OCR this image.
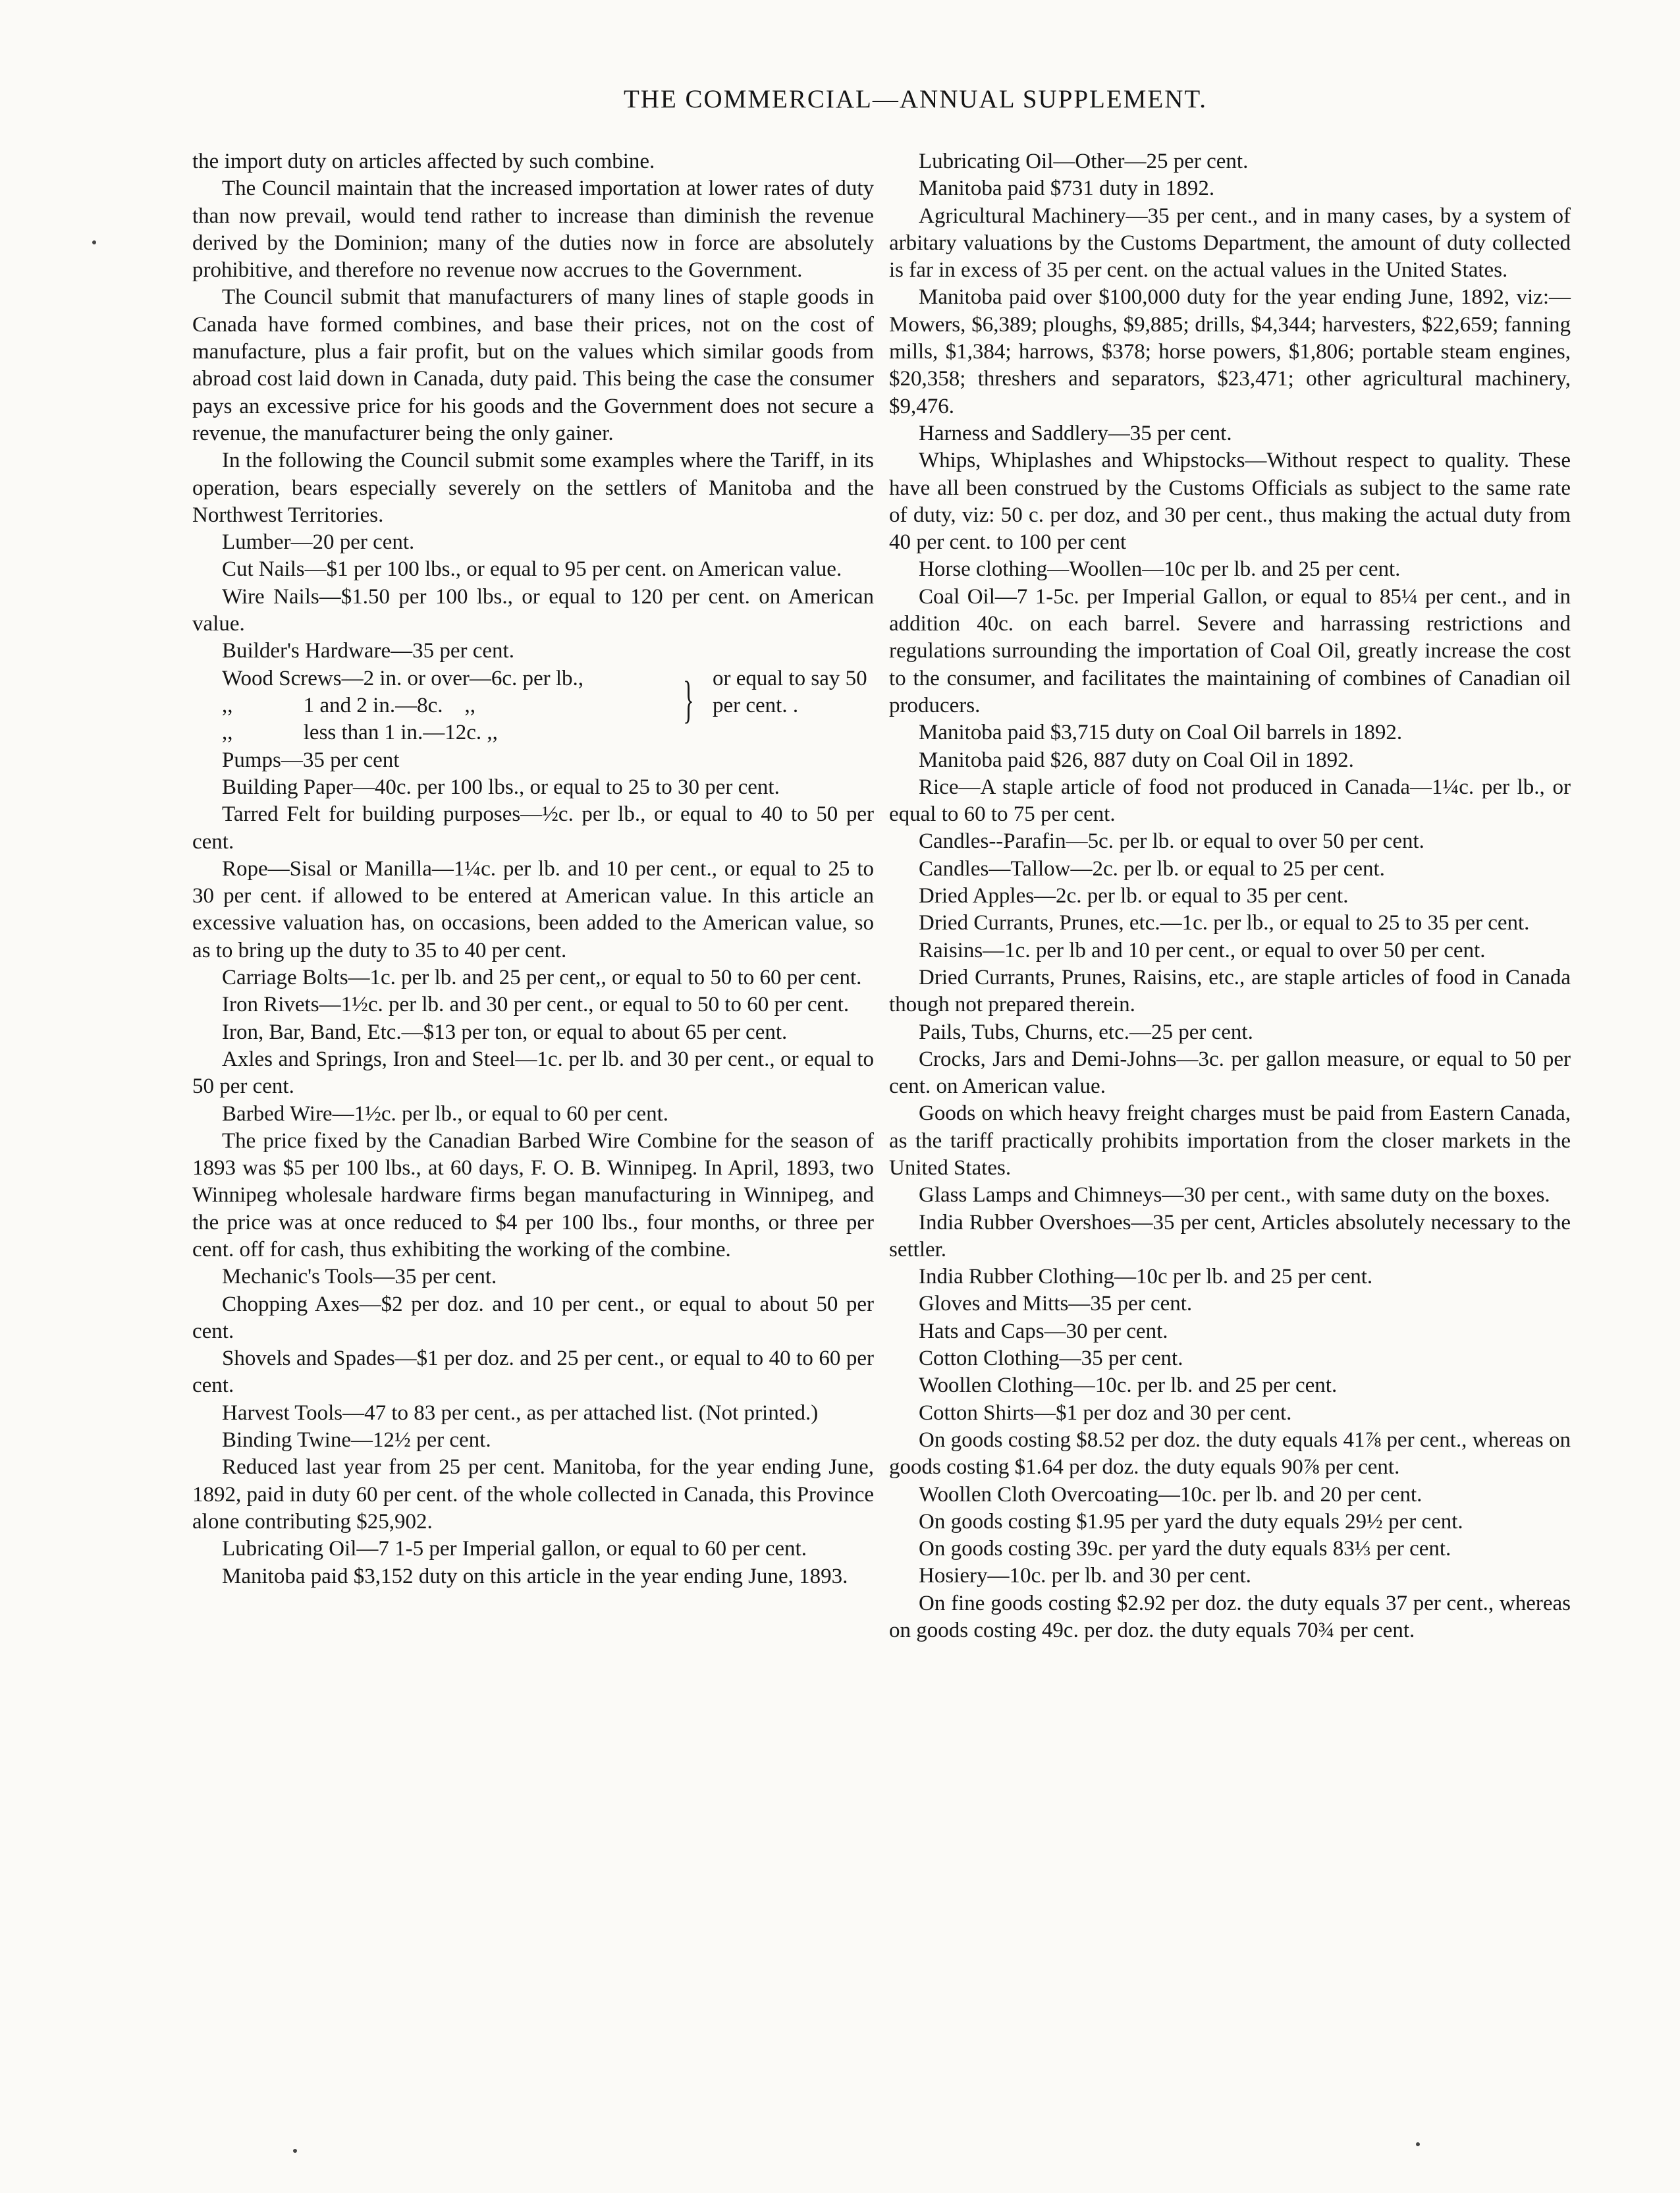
THE COMMERCIAL—ANNUAL SUPPLEMENT.

the import duty on articles affected by such combine.

The Council maintain that the increased importation at lower rates of duty than now prevail, would tend rather to increase than diminish the revenue derived by the Dominion; many of the duties now in force are absolutely prohibitive, and therefore no revenue now accrues to the Government.

The Council submit that manufacturers of many lines of staple goods in Canada have formed combines, and base their prices, not on the cost of manufacture, plus a fair profit, but on the values which similar goods from abroad cost laid down in Canada, duty paid. This being the case the consumer pays an excessive price for his goods and the Government does not secure a revenue, the manufacturer being the only gainer.

In the following the Council submit some examples where the Tariff, in its operation, bears especially severely on the settlers of Manitoba and the Northwest Territories.

Lumber—20 per cent.

Cut Nails—$1 per 100 lbs., or equal to 95 per cent. on American value.

Wire Nails—$1.50 per 100 lbs., or equal to 120 per cent. on American value.

Builder's Hardware—35 per cent.

Wood Screws—2 in. or over—6c. per lb.,
,,             1 and 2 in.—8c.    ,,
,,             less than 1 in.—12c. ,,
} or equal to say 50 per cent. .

Pumps—35 per cent

Building Paper—40c. per 100 lbs., or equal to 25 to 30 per cent.

Tarred Felt for building purposes—½c. per lb., or equal to 40 to 50 per cent.

Rope—Sisal or Manilla—1¼c. per lb. and 10 per cent., or equal to 25 to 30 per cent. if allowed to be entered at American value. In this article an excessive valuation has, on occasions, been added to the American value, so as to bring up the duty to 35 to 40 per cent.

Carriage Bolts—1c. per lb. and 25 per cent,, or equal to 50 to 60 per cent.

Iron Rivets—1½c. per lb. and 30 per cent., or equal to 50 to 60 per cent.

Iron, Bar, Band, Etc.—$13 per ton, or equal to about 65 per cent.

Axles and Springs, Iron and Steel—1c. per lb. and 30 per cent., or equal to 50 per cent.

Barbed Wire—1½c. per lb., or equal to 60 per cent.

The price fixed by the Canadian Barbed Wire Combine for the season of 1893 was $5 per 100 lbs., at 60 days, F. O. B. Winnipeg. In April, 1893, two Winnipeg wholesale hardware firms began manufacturing in Winnipeg, and the price was at once reduced to $4 per 100 lbs., four months, or three per cent. off for cash, thus exhibiting the working of the combine.

Mechanic's Tools—35 per cent.

Chopping Axes—$2 per doz. and 10 per cent., or equal to about 50 per cent.

Shovels and Spades—$1 per doz. and 25 per cent., or equal to 40 to 60 per cent.

Harvest Tools—47 to 83 per cent., as per attached list. (Not printed.)

Binding Twine—12½ per cent.

Reduced last year from 25 per cent. Manitoba, for the year ending June, 1892, paid in duty 60 per cent. of the whole collected in Canada, this Province alone contributing $25,902.

Lubricating Oil—7 1-5 per Imperial gallon, or equal to 60 per cent.

Manitoba paid $3,152 duty on this article in the year ending June, 1893.

Lubricating Oil—Other—25 per cent.

Manitoba paid $731 duty in 1892.

Agricultural Machinery—35 per cent., and in many cases, by a system of arbitary valuations by the Customs Department, the amount of duty collected is far in excess of 35 per cent. on the actual values in the United States.

Manitoba paid over $100,000 duty for the year ending June, 1892, viz:—Mowers, $6,389; ploughs, $9,885; drills, $4,344; harvesters, $22,659; fanning mills, $1,384; harrows, $378; horse powers, $1,806; portable steam engines, $20,358; threshers and separators, $23,471; other agricultural machinery, $9,476.

Harness and Saddlery—35 per cent.

Whips, Whiplashes and Whipstocks—Without respect to quality. These have all been construed by the Customs Officials as subject to the same rate of duty, viz: 50 c. per doz, and 30 per cent., thus making the actual duty from 40 per cent. to 100 per cent

Horse clothing—Woollen—10c per lb. and 25 per cent.

Coal Oil—7 1-5c. per Imperial Gallon, or equal to 85¼ per cent., and in addition 40c. on each barrel. Severe and harrassing restrictions and regulations surrounding the importation of Coal Oil, greatly increase the cost to the consumer, and facilitates the maintaining of combines of Canadian oil producers.

Manitoba paid $3,715 duty on Coal Oil barrels in 1892.

Manitoba paid $26, 887 duty on Coal Oil in 1892.

Rice—A staple article of food not produced in Canada—1¼c. per lb., or equal to 60 to 75 per cent.

Candles--Parafin—5c. per lb. or equal to over 50 per cent.

Candles—Tallow—2c. per lb. or equal to 25 per cent.

Dried Apples—2c. per lb. or equal to 35 per cent.

Dried Currants, Prunes, etc.—1c. per lb., or equal to 25 to 35 per cent.

Raisins—1c. per lb and 10 per cent., or equal to over 50 per cent.

Dried Currants, Prunes, Raisins, etc., are staple articles of food in Canada though not prepared therein.

Pails, Tubs, Churns, etc.—25 per cent.

Crocks, Jars and Demi-Johns—3c. per gallon measure, or equal to 50 per cent. on American value.

Goods on which heavy freight charges must be paid from Eastern Canada, as the tariff practically prohibits importation from the closer markets in the United States.

Glass Lamps and Chimneys—30 per cent., with same duty on the boxes.

India Rubber Overshoes—35 per cent, Articles absolutely necessary to the settler.

India Rubber Clothing—10c per lb. and 25 per cent.

Gloves and Mitts—35 per cent.

Hats and Caps—30 per cent.

Cotton Clothing—35 per cent.

Woollen Clothing—10c. per lb. and 25 per cent.

Cotton Shirts—$1 per doz and 30 per cent.

On goods costing $8.52 per doz. the duty equals 41⅞ per cent., whereas on goods costing $1.64 per doz. the duty equals 90⅞ per cent.

Woollen Cloth Overcoating—10c. per lb. and 20 per cent.

On goods costing $1.95 per yard the duty equals 29½ per cent.

On goods costing 39c. per yard the duty equals 83⅓ per cent.

Hosiery—10c. per lb. and 30 per cent.

On fine goods costing $2.92 per doz. the duty equals 37 per cent., whereas on goods costing 49c. per doz. the duty equals 70¾ per cent.
